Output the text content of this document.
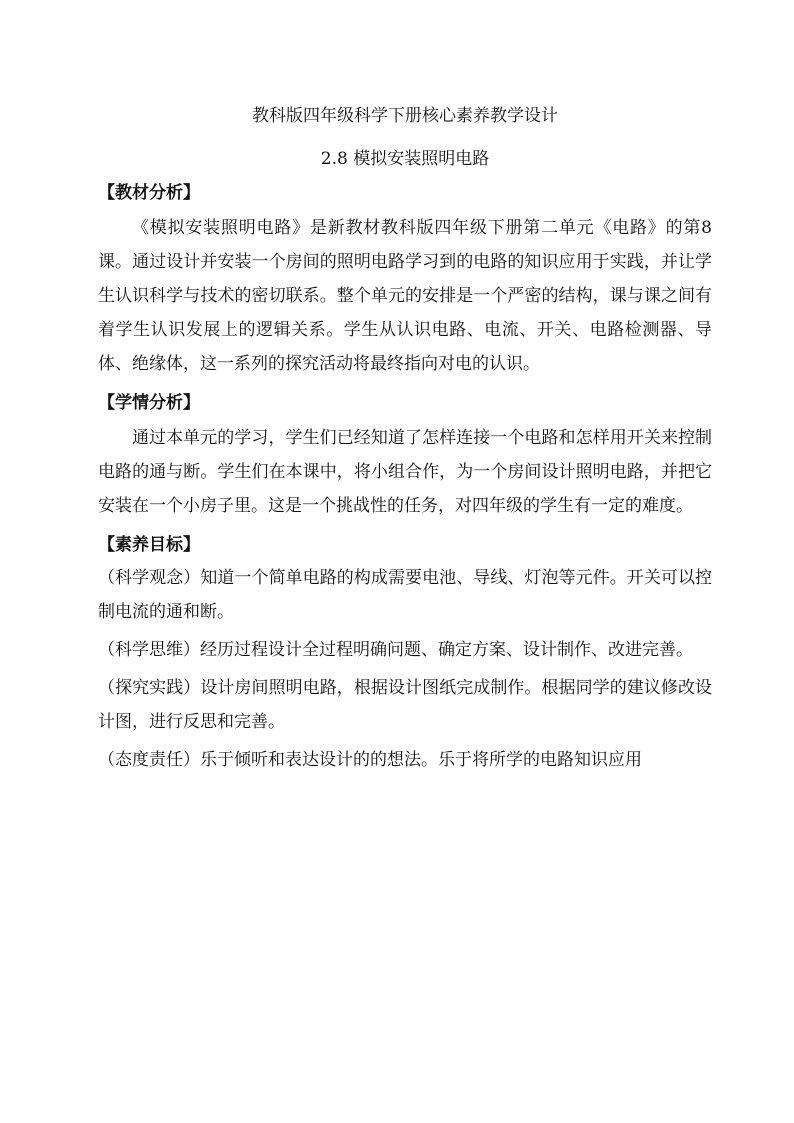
教科版四年级科学下册核心素养教学设计

2.8 模拟安装照明电路

【教材分析】

《模拟安装照明电路》是新教材教科版四年级下册第二单元《电路》的第8课。通过设计并安装一个房间的照明电路学习到的电路的知识应用于实践，并让学生认识科学与技术的密切联系。整个单元的安排是一个严密的结构，课与课之间有着学生认识发展上的逻辑关系。学生从认识电路、电流、开关、电路检测器、导体、绝缘体，这一系列的探究活动将最终指向对电的认识。

【学情分析】

通过本单元的学习，学生们已经知道了怎样连接一个电路和怎样用开关来控制电路的通与断。学生们在本课中，将小组合作，为一个房间设计照明电路，并把它安装在一个小房子里。这是一个挑战性的任务，对四年级的学生有一定的难度。

【素养目标】

（科学观念）知道一个简单电路的构成需要电池、导线、灯泡等元件。开关可以控制电流的通和断。

（科学思维）经历过程设计全过程明确问题、确定方案、设计制作、改进完善。

（探究实践）设计房间照明电路，根据设计图纸完成制作。根据同学的建议修改设计图，进行反思和完善。

（态度责任）乐于倾听和表达设计的的想法。乐于将所学的电路知识应用
